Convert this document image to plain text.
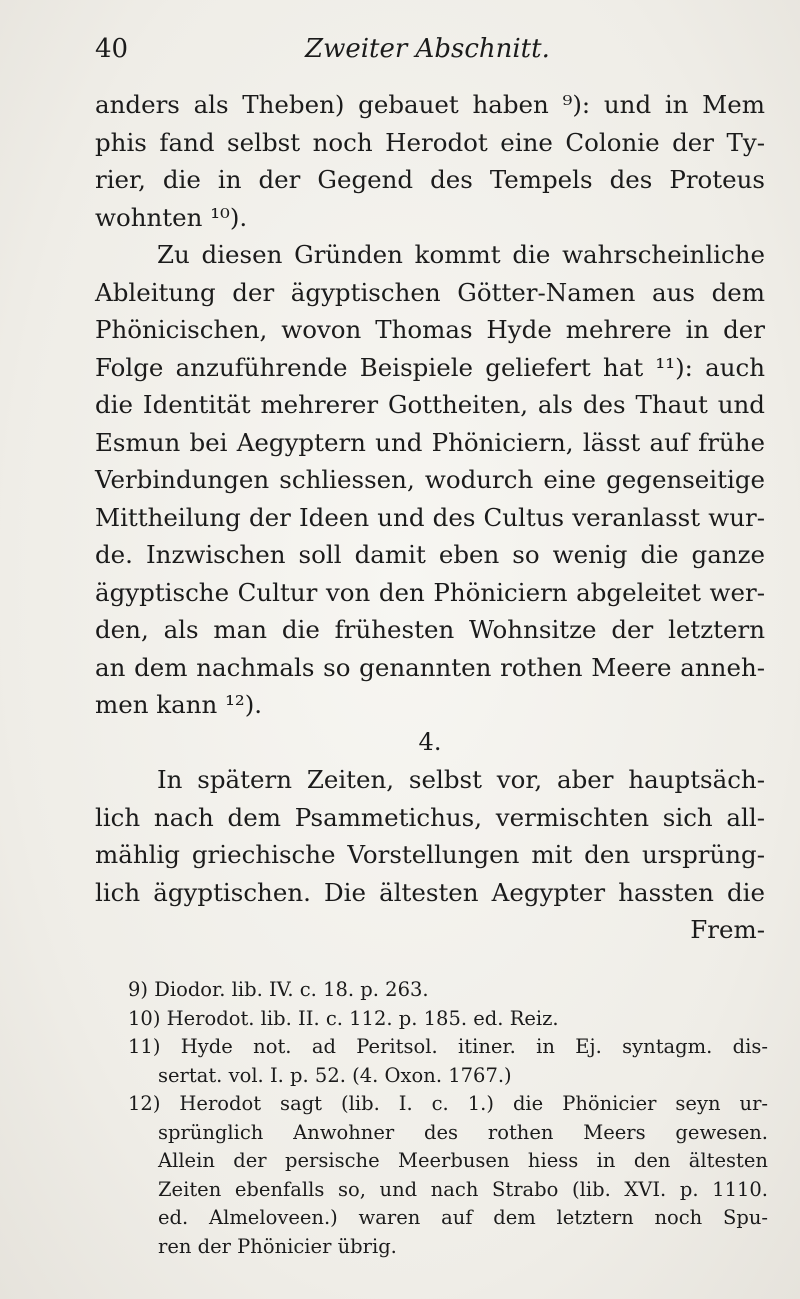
40	Zweiter Abschnitt.
anders als Theben) gebauet haben ⁹): und in Mem
phis fand selbst noch Herodot eine Colonie der Ty-
rier, die in der Gegend des Tempels des Proteus
wohnten ¹⁰).
Zu diesen Gründen kommt die wahrscheinliche
Ableitung der ägyptischen Götter-Namen aus dem
Phönicischen, wovon Thomas Hyde mehrere in der
Folge anzuführende Beispiele geliefert hat ¹¹): auch
die Identität mehrerer Gottheiten, als des Thaut und
Esmun bei Aegyptern und Phöniciern, lässt auf frühe
Verbindungen schliessen, wodurch eine gegenseitige
Mittheilung der Ideen und des Cultus veranlasst wur-
de. Inzwischen soll damit eben so wenig die ganze
ägyptische Cultur von den Phöniciern abgeleitet wer-
den, als man die frühesten Wohnsitze der letztern
an dem nachmals so genannten rothen Meere anneh-
men kann ¹²).
4.
In spätern Zeiten, selbst vor, aber hauptsäch-
lich nach dem Psammetichus, vermischten sich all-
mählig griechische Vorstellungen mit den ursprüng-
lich ägyptischen. Die ältesten Aegypter hassten die
Frem-
9) Diodor. lib. IV. c. 18. p. 263.
10) Herodot. lib. II. c. 112. p. 185. ed. Reiz.
11) Hyde not. ad Peritsol. itiner. in Ej. syntagm. dis-
sertat. vol. I. p. 52. (4. Oxon. 1767.)
12) Herodot sagt (lib. I. c. 1.) die Phönicier seyn ur-
sprünglich Anwohner des rothen Meers gewesen.
Allein der persische Meerbusen hiess in den ältesten
Zeiten ebenfalls so, und nach Strabo (lib. XVI. p. 1110.
ed. Almeloveen.) waren auf dem letztern noch Spu-
ren der Phönicier übrig.
